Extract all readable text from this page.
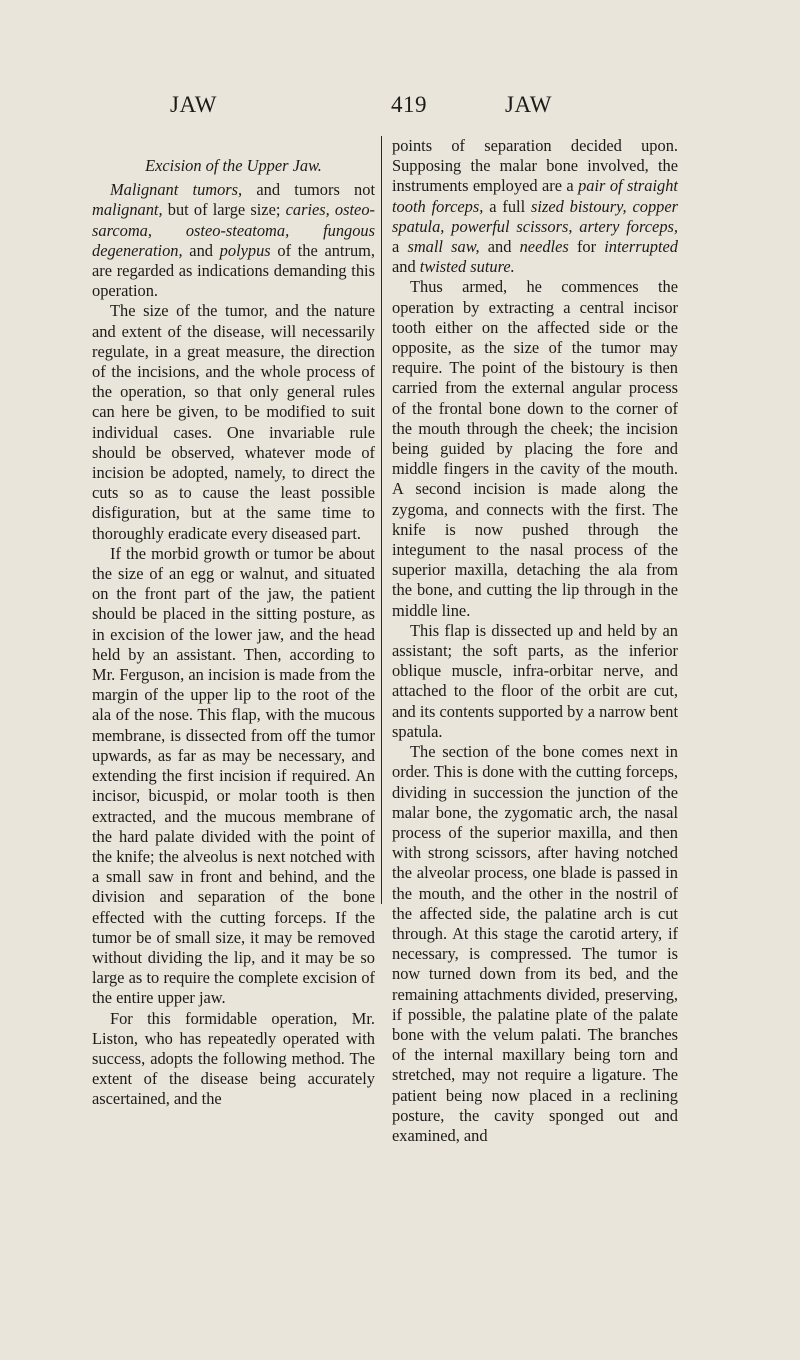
JAW	419	JAW
Excision of the Upper Jaw.

Malignant tumors, and tumors not malignant, but of large size; caries, osteo-sarcoma, osteo-steatoma, fungous degeneration, and polypus of the antrum, are regarded as indications demanding this operation.

The size of the tumor, and the nature and extent of the disease, will necessarily regulate, in a great measure, the direction of the incisions, and the whole process of the operation, so that only general rules can here be given, to be modified to suit individual cases. One invariable rule should be observed, whatever mode of incision be adopted, namely, to direct the cuts so as to cause the least possible disfiguration, but at the same time to thoroughly eradicate every diseased part.

If the morbid growth or tumor be about the size of an egg or walnut, and situated on the front part of the jaw, the patient should be placed in the sitting posture, as in excision of the lower jaw, and the head held by an assistant. Then, according to Mr. Ferguson, an incision is made from the margin of the upper lip to the root of the ala of the nose. This flap, with the mucous membrane, is dissected from off the tumor upwards, as far as may be necessary, and extending the first incision if required. An incisor, bicuspid, or molar tooth is then extracted, and the mucous membrane of the hard palate divided with the point of the knife; the alveolus is next notched with a small saw in front and behind, and the division and separation of the bone effected with the cutting forceps. If the tumor be of small size, it may be removed without dividing the lip, and it may be so large as to require the complete excision of the entire upper jaw.

For this formidable operation, Mr. Liston, who has repeatedly operated with success, adopts the following method. The extent of the disease being accurately ascertained, and the

points of separation decided upon. Supposing the malar bone involved, the instruments employed are a pair of straight tooth forceps, a full sized bistoury, copper spatula, powerful scissors, artery forceps, a small saw, and needles for interrupted and twisted suture.

Thus armed, he commences the operation by extracting a central incisor tooth either on the affected side or the opposite, as the size of the tumor may require. The point of the bistoury is then carried from the external angular process of the frontal bone down to the corner of the mouth through the cheek; the incision being guided by placing the fore and middle fingers in the cavity of the mouth. A second incision is made along the zygoma, and connects with the first. The knife is now pushed through the integument to the nasal process of the superior maxilla, detaching the ala from the bone, and cutting the lip through in the middle line.

This flap is dissected up and held by an assistant; the soft parts, as the inferior oblique muscle, infra-orbitar nerve, and attached to the floor of the orbit are cut, and its contents supported by a narrow bent spatula.

The section of the bone comes next in order. This is done with the cutting forceps, dividing in succession the junction of the malar bone, the zygomatic arch, the nasal process of the superior maxilla, and then with strong scissors, after having notched the alveolar process, one blade is passed in the mouth, and the other in the nostril of the affected side, the palatine arch is cut through. At this stage the carotid artery, if necessary, is compressed. The tumor is now turned down from its bed, and the remaining attachments divided, preserving, if possible, the palatine plate of the palate bone with the velum palati. The branches of the internal maxillary being torn and stretched, may not require a ligature. The patient being now placed in a reclining posture, the cavity sponged out and examined, and
